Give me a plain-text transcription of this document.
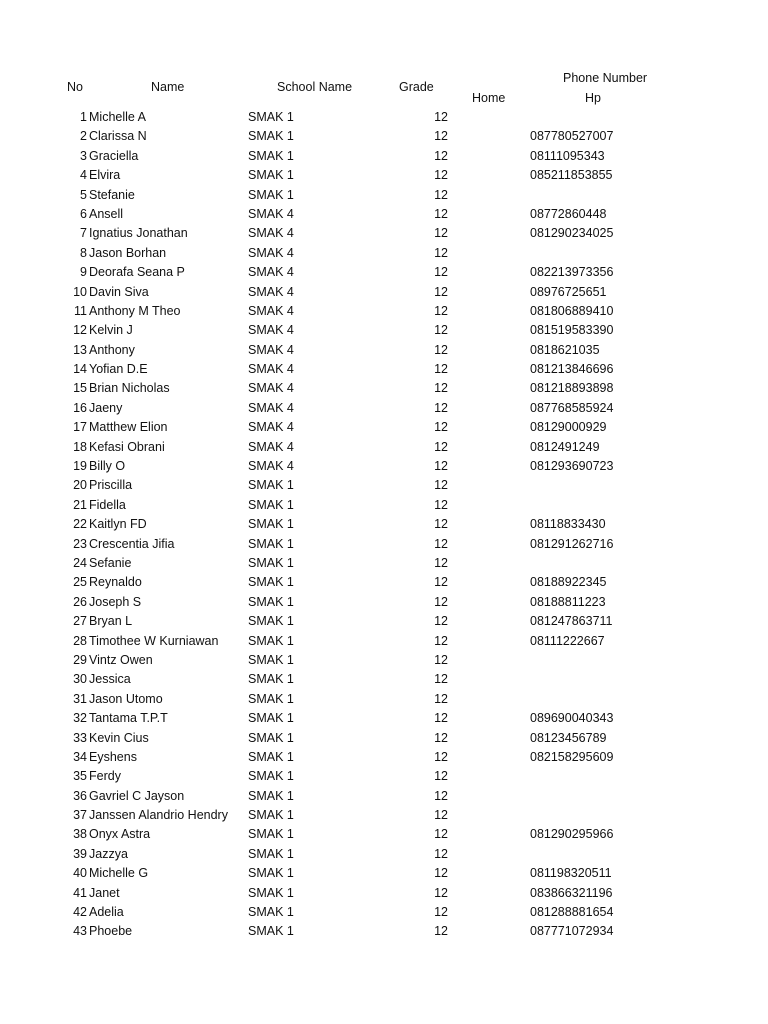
No	Name	School Name	Grade
Phone Number
Home	Hp
1 Michelle A	SMAK 1	12
2 Clarissa N	SMAK 1	12	087780527007
3 Graciella	SMAK 1	12	08111095343
4 Elvira	SMAK 1	12	085211853855
5 Stefanie	SMAK 1	12
6 Ansell	SMAK 4	12	08772860448
7 Ignatius Jonathan	SMAK 4	12	081290234025
8 Jason Borhan	SMAK 4	12
9 Deorafa Seana P	SMAK 4	12	082213973356
10 Davin Siva	SMAK 4	12	08976725651
11 Anthony M Theo	SMAK 4	12	081806889410
12 Kelvin J	SMAK 4	12	081519583390
13 Anthony	SMAK 4	12	0818621035
14 Yofian D.E	SMAK 4	12	081213846696
15 Brian Nicholas	SMAK 4	12	081218893898
16 Jaeny	SMAK 4	12	087768585924
17 Matthew Elion	SMAK 4	12	08129000929
18 Kefasi Obrani	SMAK 4	12	0812491249
19 Billy O	SMAK 4	12	081293690723
20 Priscilla	SMAK 1	12
21 Fidella	SMAK 1	12
22 Kaitlyn FD	SMAK 1	12	08118833430
23 Crescentia Jifia	SMAK 1	12	081291262716
24 Sefanie	SMAK 1	12
25 Reynaldo	SMAK 1	12	08188922345
26 Joseph S	SMAK 1	12	08188811223
27 Bryan L	SMAK 1	12	081247863711
28 Timothee W Kurniawan SMAK 1	12	08111222667
29 Vintz Owen	SMAK 1	12
30 Jessica	SMAK 1	12
31 Jason Utomo	SMAK 1	12
32 Tantama T.P.T	SMAK 1	12	089690040343
33 Kevin Cius	SMAK 1	12	08123456789
34 Eyshens	SMAK 1	12	082158295609
35 Ferdy	SMAK 1	12
36 Gavriel C Jayson	SMAK 1	12
37 Janssen Alandrio Hendry SMAK 1	12
38 Onyx Astra	SMAK 1	12	081290295966
39 Jazzya	SMAK 1	12
40 Michelle G	SMAK 1	12	081198320511
41 Janet	SMAK 1	12	083866321196
42 Adelia	SMAK 1	12	081288881654
43 Phoebe	SMAK 1	12	087771072934
